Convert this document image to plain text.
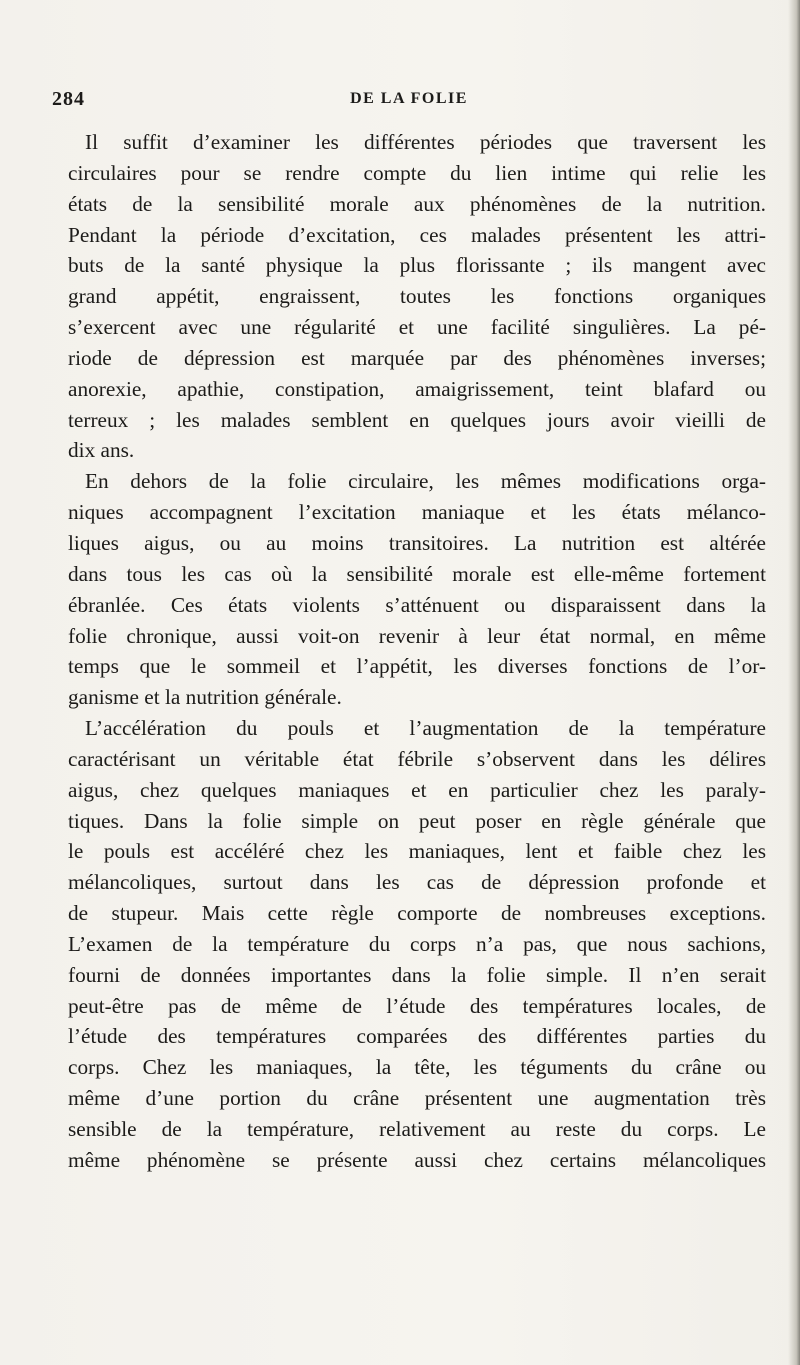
284	DE LA FOLIE
Il suffit d’examiner les différentes périodes que traversent les
circulaires pour se rendre compte du lien intime qui relie les
états de la sensibilité morale aux phénomènes de la nutrition.
Pendant la période d’excitation, ces malades présentent les attri-
buts de la santé physique la plus florissante ; ils mangent avec
grand appétit, engraissent, toutes les fonctions organiques
s’exercent avec une régularité et une facilité singulières. La pé-
riode de dépression est marquée par des phénomènes inverses;
anorexie, apathie, constipation, amaigrissement, teint blafard ou
terreux ; les malades semblent en quelques jours avoir vieilli de
dix ans.
En dehors de la folie circulaire, les mêmes modifications orga-
niques accompagnent l’excitation maniaque et les états mélanco-
liques aigus, ou au moins transitoires. La nutrition est altérée
dans tous les cas où la sensibilité morale est elle-même fortement
ébranlée. Ces états violents s’atténuent ou disparaissent dans la
folie chronique, aussi voit-on revenir à leur état normal, en même
temps que le sommeil et l’appétit, les diverses fonctions de l’or-
ganisme et la nutrition générale.
L’accélération du pouls et l’augmentation de la température
caractérisant un véritable état fébrile s’observent dans les délires
aigus, chez quelques maniaques et en particulier chez les paraly-
tiques. Dans la folie simple on peut poser en règle générale que
le pouls est accéléré chez les maniaques, lent et faible chez les
mélancoliques, surtout dans les cas de dépression profonde et
de stupeur. Mais cette règle comporte de nombreuses exceptions.
L’examen de la température du corps n’a pas, que nous sachions,
fourni de données importantes dans la folie simple. Il n’en serait
peut-être pas de même de l’étude des températures locales, de
l’étude des températures comparées des différentes parties du
corps. Chez les maniaques, la tête, les téguments du crâne ou
même d’une portion du crâne présentent une augmentation très
sensible de la température, relativement au reste du corps. Le
même phénomène se présente aussi chez certains mélancoliques
